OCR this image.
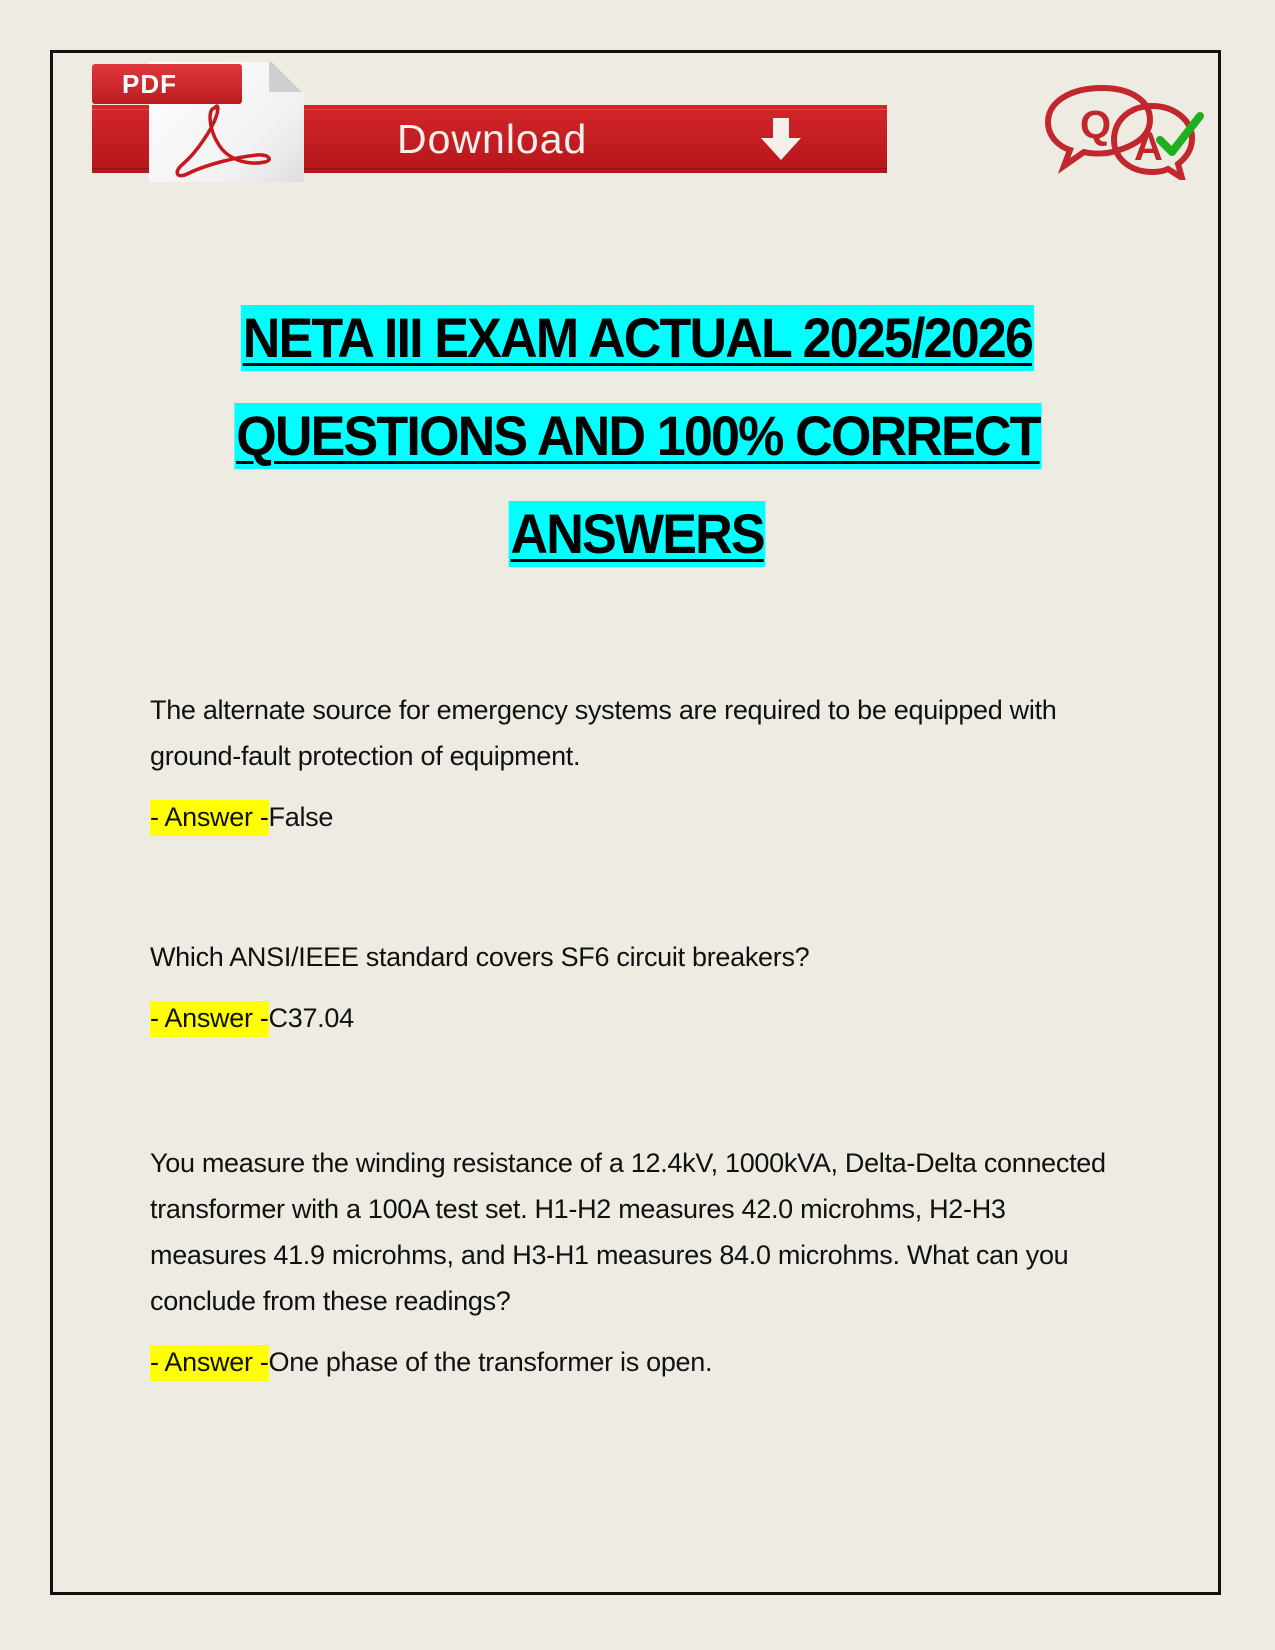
PDF
Download	Q A
NETA III EXAM ACTUAL 2025/2026
QUESTIONS AND 100% CORRECT
ANSWERS

The alternate source for emergency systems are required to be equipped with ground-fault protection of equipment.

- Answer -False

Which ANSI/IEEE standard covers SF6 circuit breakers?

- Answer -C37.04

You measure the winding resistance of a 12.4kV, 1000kVA, Delta-Delta connected transformer with a 100A test set. H1-H2 measures 42.0 microhms, H2-H3 measures 41.9 microhms, and H3-H1 measures 84.0 microhms. What can you conclude from these readings?

- Answer -One phase of the transformer is open.
